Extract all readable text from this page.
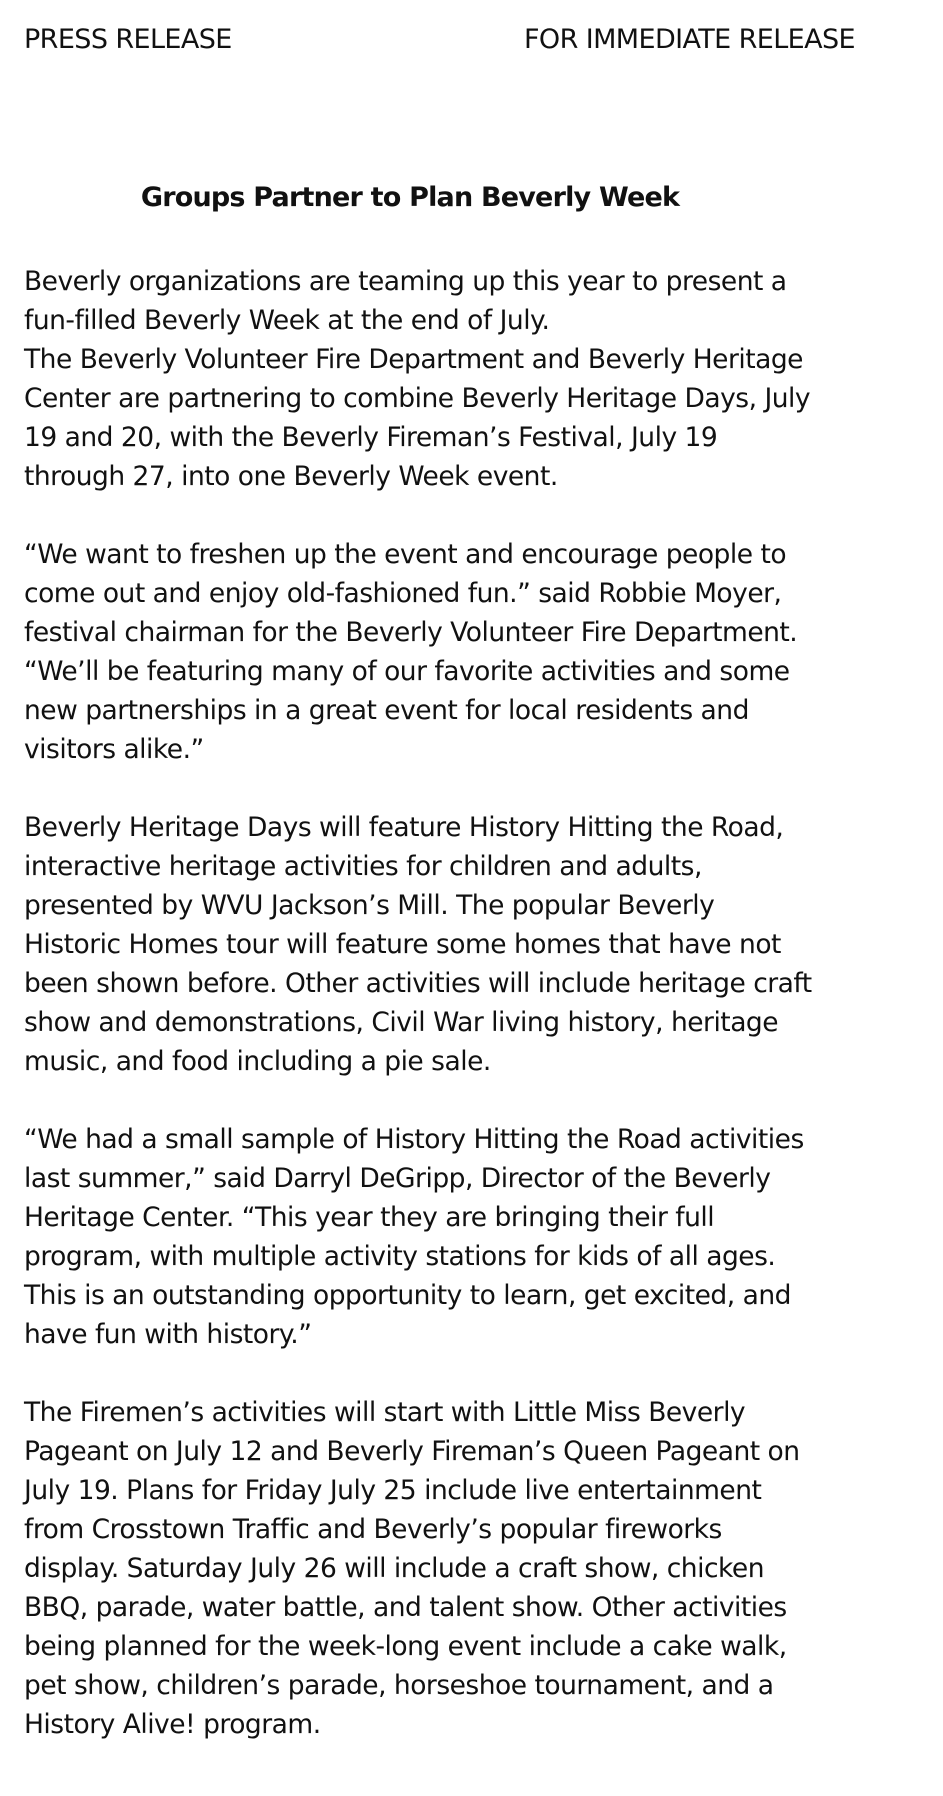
PRESS RELEASE	FOR IMMEDIATE RELEASE
Groups Partner to Plan Beverly Week
Beverly organizations are teaming up this year to present a
fun-filled Beverly Week at the end of July.
The Beverly Volunteer Fire Department and Beverly Heritage
Center are partnering to combine Beverly Heritage Days, July
19 and 20, with the Beverly Fireman’s Festival, July 19
through 27, into one Beverly Week event.
“We want to freshen up the event and encourage people to
come out and enjoy old-fashioned fun.” said Robbie Moyer,
festival chairman for the Beverly Volunteer Fire Department.
“We’ll be featuring many of our favorite activities and some
new partnerships in a great event for local residents and
visitors alike.”
Beverly Heritage Days will feature History Hitting the Road,
interactive heritage activities for children and adults,
presented by WVU Jackson’s Mill. The popular Beverly
Historic Homes tour will feature some homes that have not
been shown before. Other activities will include heritage craft
show and demonstrations, Civil War living history, heritage
music, and food including a pie sale.
“We had a small sample of History Hitting the Road activities
last summer,” said Darryl DeGripp, Director of the Beverly
Heritage Center. “This year they are bringing their full
program, with multiple activity stations for kids of all ages.
This is an outstanding opportunity to learn, get excited, and
have fun with history.”
The Firemen’s activities will start with Little Miss Beverly
Pageant on July 12 and Beverly Fireman’s Queen Pageant on
July 19. Plans for Friday July 25 include live entertainment
from Crosstown Traffic and Beverly’s popular fireworks
display. Saturday July 26 will include a craft show, chicken
BBQ, parade, water battle, and talent show. Other activities
being planned for the week-long event include a cake walk,
pet show, children’s parade, horseshoe tournament, and a
History Alive! program.
